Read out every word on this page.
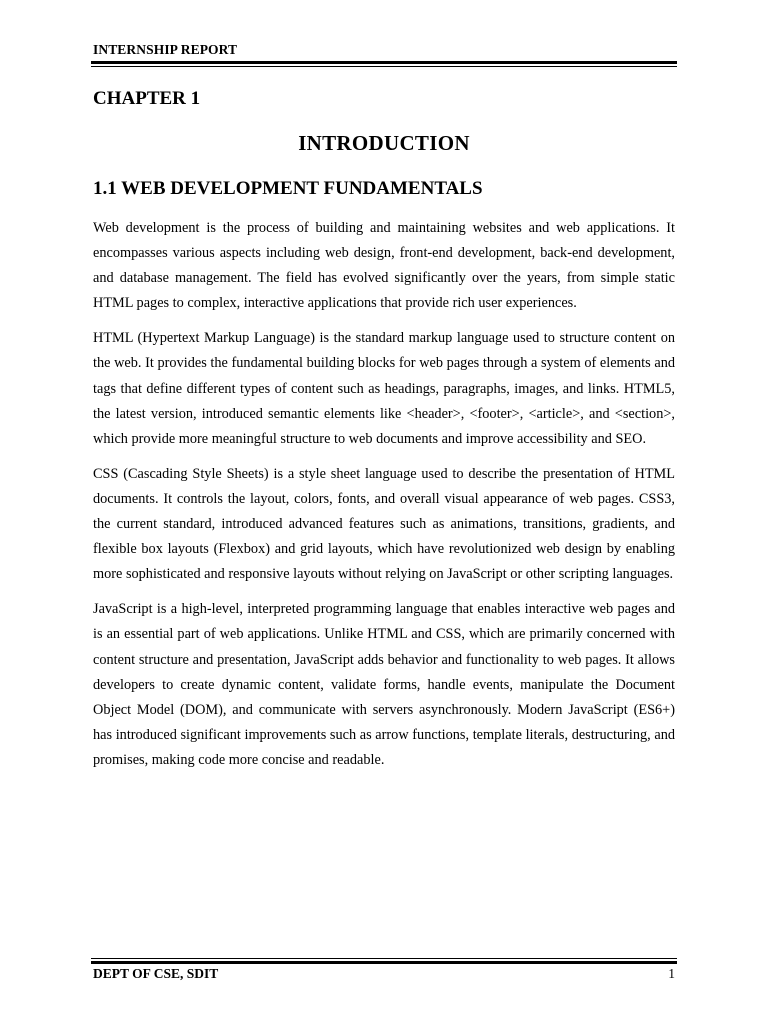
INTERNSHIP REPORT
CHAPTER 1
INTRODUCTION
1.1 WEB DEVELOPMENT FUNDAMENTALS

Web development is the process of building and maintaining websites and web applications. It encompasses various aspects including web design, front-end development, back-end development, and database management. The field has evolved significantly over the years, from simple static HTML pages to complex, interactive applications that provide rich user experiences.

HTML (Hypertext Markup Language) is the standard markup language used to structure content on the web. It provides the fundamental building blocks for web pages through a system of elements and tags that define different types of content such as headings, paragraphs, images, and links. HTML5, the latest version, introduced semantic elements like <header>, <footer>, <article>, and <section>, which provide more meaningful structure to web documents and improve accessibility and SEO.

CSS (Cascading Style Sheets) is a style sheet language used to describe the presentation of HTML documents. It controls the layout, colors, fonts, and overall visual appearance of web pages. CSS3, the current standard, introduced advanced features such as animations, transitions, gradients, and flexible box layouts (Flexbox) and grid layouts, which have revolutionized web design by enabling more sophisticated and responsive layouts without relying on JavaScript or other scripting languages.

JavaScript is a high-level, interpreted programming language that enables interactive web pages and is an essential part of web applications. Unlike HTML and CSS, which are primarily concerned with content structure and presentation, JavaScript adds behavior and functionality to web pages. It allows developers to create dynamic content, validate forms, handle events, manipulate the Document Object Model (DOM), and communicate with servers asynchronously. Modern JavaScript (ES6+) has introduced significant improvements such as arrow functions, template literals, destructuring, and promises, making code more concise and readable.

DEPT OF CSE, SDIT	1
